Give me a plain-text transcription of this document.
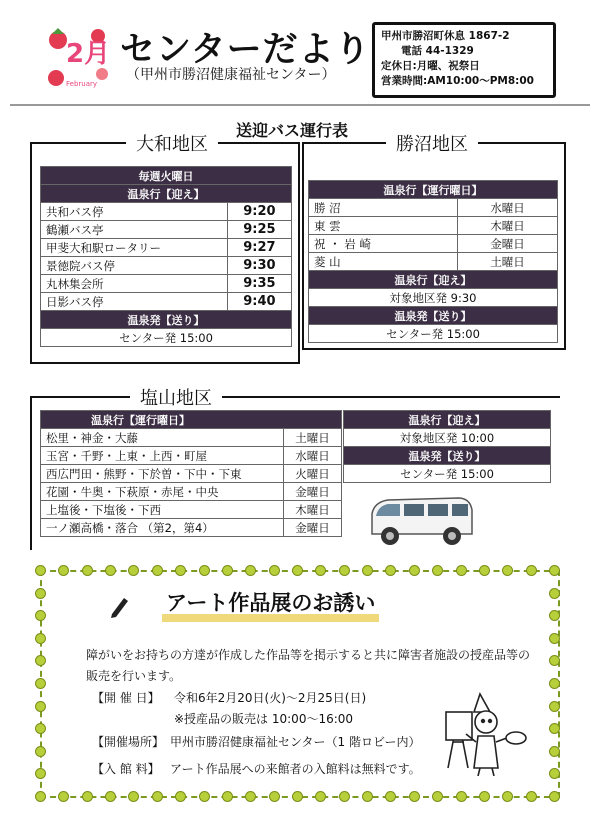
2月
February
センターだより
（甲州市勝沼健康福祉センター）
甲州市勝沼町休息 1867-2
電話 44-1329
定休日:月曜、祝祭日
営業時間:AM10:00～PM8:00
送迎バス運行表
大和地区
毎週火曜日	
温泉行【迎え】	
共和バス停	9:20
鶴瀬バス亭	9:25
甲斐大和駅ロータリー	9:27
景徳院バス停	9:30
丸林集会所	9:35
日影バス停	9:40
温泉発【送り】	
センター発 15:00	
勝沼地区
温泉行【運行曜日】	
勝 沼	水曜日
東 雲	木曜日
祝 ・ 岩 崎	金曜日
菱 山	土曜日
温泉行【迎え】	
対象地区発 9:30	
温泉発【送り】	
センター発 15:00	
塩山地区
温泉行【運行曜日】	
松里・神金・大藤	土曜日
玉宮・千野・上東・上西・町屋	水曜日
西広門田・熊野・下於曽・下中・下東	火曜日
花園・牛奥・下萩原・赤尾・中央	金曜日
上塩後・下塩後・下西	木曜日
一ノ瀬高橋・落合 （第2，第4）	金曜日
温泉行【迎え】
対象地区発 10:00
温泉発【送り】
センター発 15:00
アート作品展のお誘い
障がいをお持ちの方達が作成した作品等を掲示すると共に障害者施設の授産品等の
販売を行います。
【開 催 日】 令和6年2月20日(火)～2月25日(日)
※授産品の販売は 10:00～16:00
【開催場所】 甲州市勝沼健康福祉センター（1 階ロビー内）
【入 館 料】 アート作品展への来館者の入館料は無料です。
